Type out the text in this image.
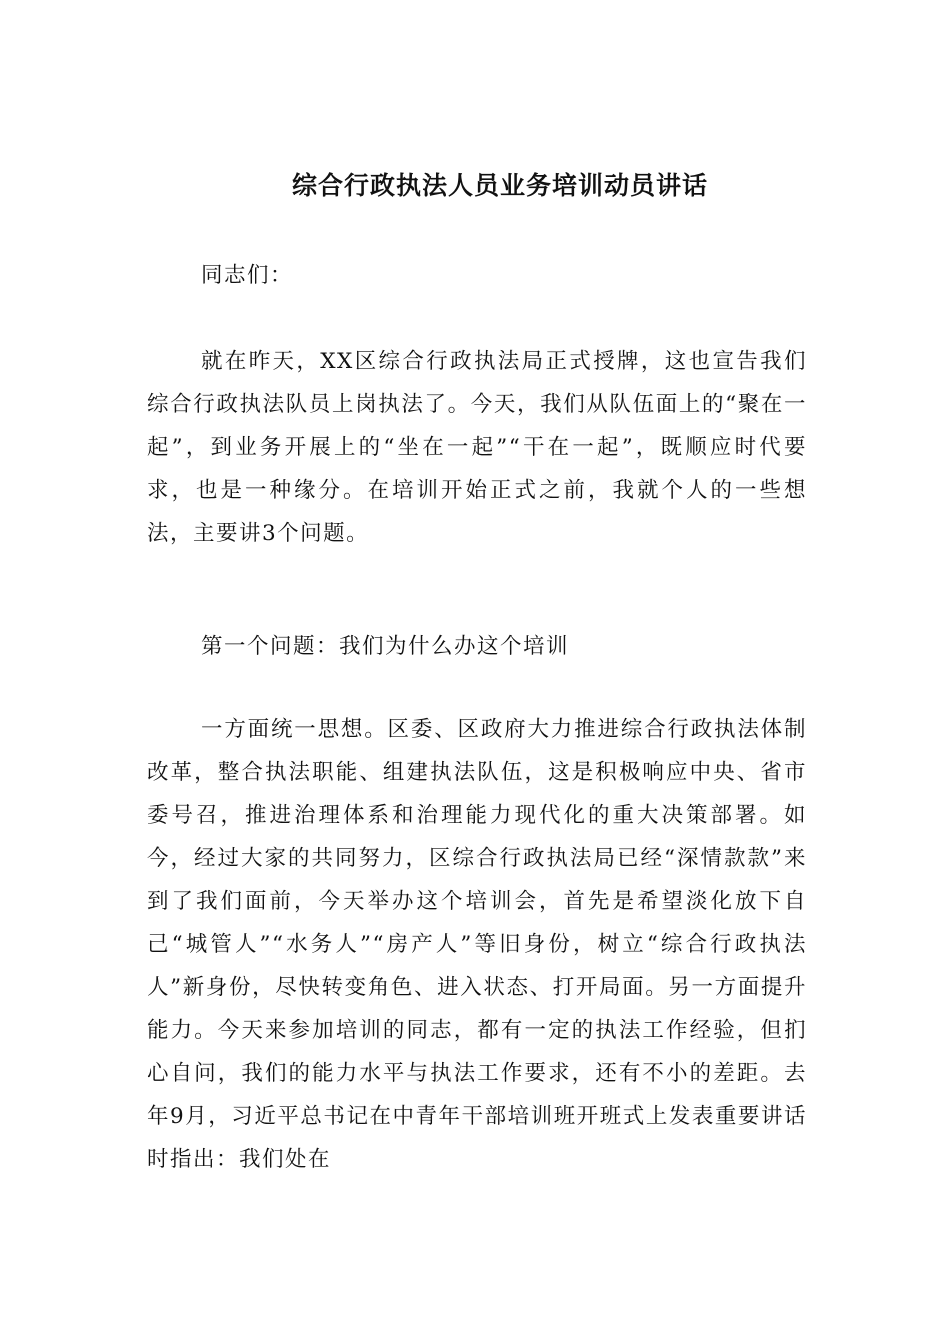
综合行政执法人员业务培训动员讲话

同志们：

就在昨天，XX区综合行政执法局正式授牌，这也宣告我们综合行政执法队员上岗执法了。今天，我们从队伍面上的“聚在一起”，到业务开展上的“坐在一起”“干在一起”，既顺应时代要求，也是一种缘分。在培训开始正式之前，我就个人的一些想法，主要讲3个问题。

第一个问题：我们为什么办这个培训

一方面统一思想。区委、区政府大力推进综合行政执法体制改革，整合执法职能、组建执法队伍，这是积极响应中央、省市委号召，推进治理体系和治理能力现代化的重大决策部署。如今，经过大家的共同努力，区综合行政执法局已经“深情款款”来到了我们面前，今天举办这个培训会，首先是希望淡化放下自己“城管人”“水务人”“房产人”等旧身份，树立“综合行政执法人”新身份，尽快转变角色、进入状态、打开局面。另一方面提升能力。今天来参加培训的同志，都有一定的执法工作经验，但扪心自问，我们的能力水平与执法工作要求，还有不小的差距。去年9月，习近平总书记在中青年干部培训班开班式上发表重要讲话时指出：我们处在
